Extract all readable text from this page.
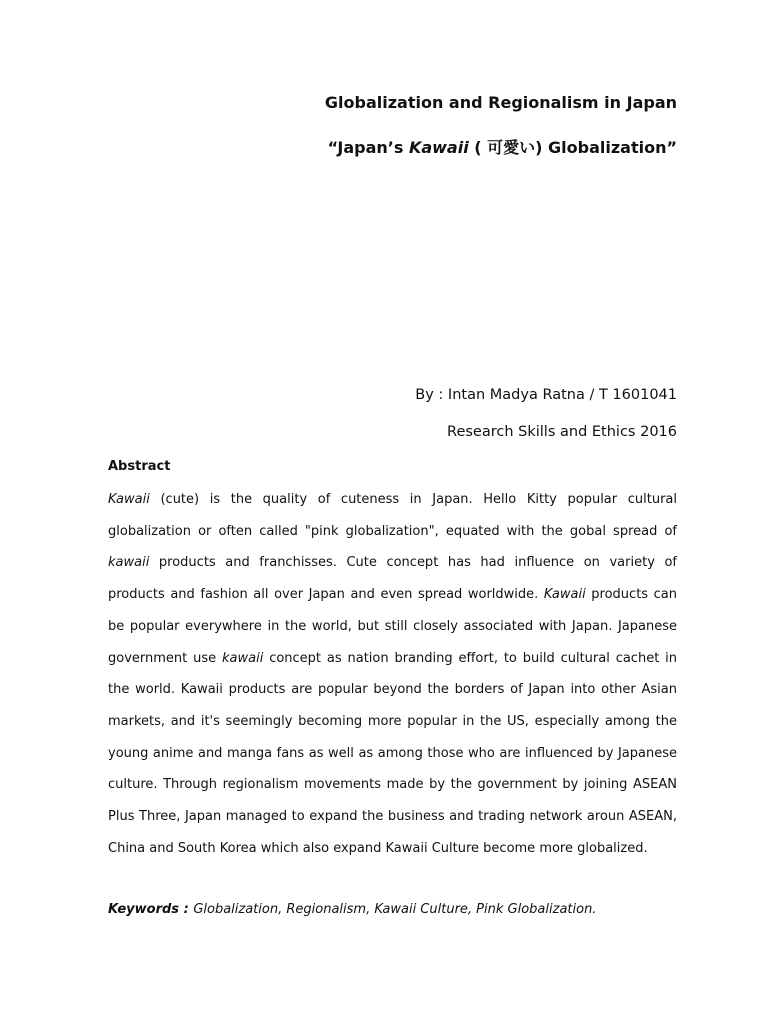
Globalization and Regionalism in Japan
“Japan’s Kawaii ( 可愛い) Globalization”
By : Intan Madya Ratna / T 1601041
Research Skills and Ethics 2016
Abstract
Kawaii (cute) is the quality of cuteness in Japan. Hello Kitty popular cultural globalization or often called "pink globalization", equated with the gobal spread of kawaii products and franchisses. Cute concept has had influence on variety of products and fashion all over Japan and even spread worldwide. Kawaii products can be popular everywhere in the world, but still closely associated with Japan. Japanese government use kawaii concept as nation branding effort, to build cultural cachet in the world. Kawaii products are popular beyond the borders of Japan into other Asian markets, and it's seemingly becoming more popular in the US, especially among the young anime and manga fans as well as among those who are influenced by Japanese culture. Through regionalism movements made by the government by joining ASEAN Plus Three, Japan managed to expand the business and trading network aroun ASEAN, China and South Korea which also expand Kawaii Culture become more globalized.
Keywords : Globalization, Regionalism, Kawaii Culture, Pink Globalization.
